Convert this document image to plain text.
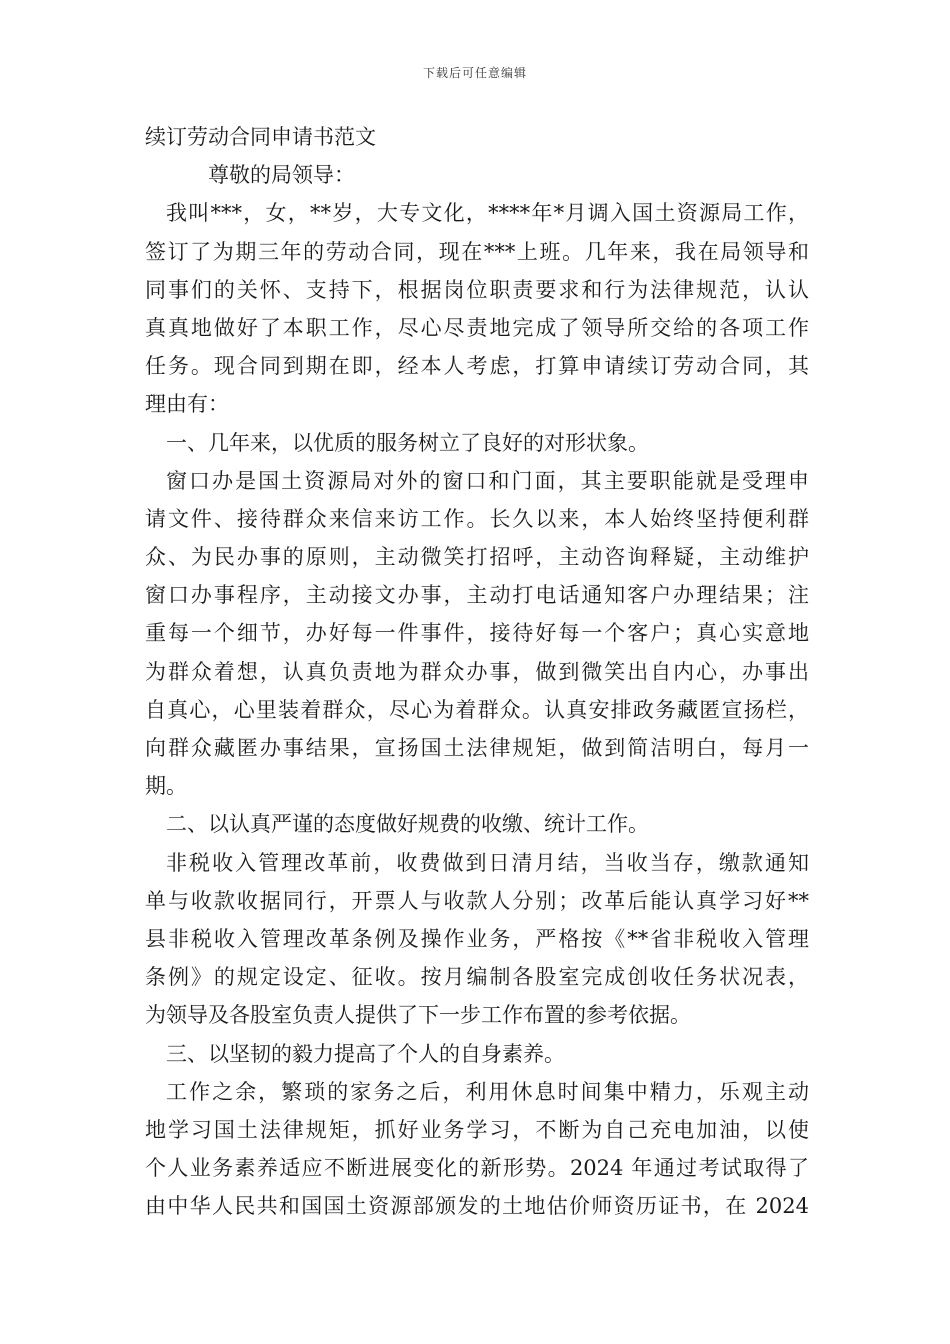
下载后可任意编辑
续订劳动合同申请书范文
尊敬的局领导：
我叫***，女，**岁，大专文化，****年*月调入国土资源局工作，
签订了为期三年的劳动合同，现在***上班。几年来，我在局领导和
同事们的关怀、支持下，根据岗位职责要求和行为法律规范，认认
真真地做好了本职工作，尽心尽责地完成了领导所交给的各项工作
任务。现合同到期在即，经本人考虑，打算申请续订劳动合同，其
理由有：
一、几年来，以优质的服务树立了良好的对形状象。
窗口办是国土资源局对外的窗口和门面，其主要职能就是受理申
请文件、接待群众来信来访工作。长久以来，本人始终坚持便利群
众、为民办事的原则，主动微笑打招呼，主动咨询释疑，主动维护
窗口办事程序，主动接文办事，主动打电话通知客户办理结果；注
重每一个细节，办好每一件事件，接待好每一个客户；真心实意地
为群众着想，认真负责地为群众办事，做到微笑出自内心，办事出
自真心，心里装着群众，尽心为着群众。认真安排政务藏匿宣扬栏，
向群众藏匿办事结果，宣扬国土法律规矩，做到简洁明白，每月一
期。
二、以认真严谨的态度做好规费的收缴、统计工作。
非税收入管理改革前，收费做到日清月结，当收当存，缴款通知
单与收款收据同行，开票人与收款人分别；改革后能认真学习好**
县非税收入管理改革条例及操作业务，严格按《**省非税收入管理
条例》的规定设定、征收。按月编制各股室完成创收任务状况表，
为领导及各股室负责人提供了下一步工作布置的参考依据。
三、以坚韧的毅力提高了个人的自身素养。
工作之余，繁琐的家务之后，利用休息时间集中精力，乐观主动
地学习国土法律规矩，抓好业务学习，不断为自己充电加油，以使
个人业务素养适应不断进展变化的新形势。2024 年通过考试取得了
由中华人民共和国国土资源部颁发的土地估价师资历证书，在 2024
